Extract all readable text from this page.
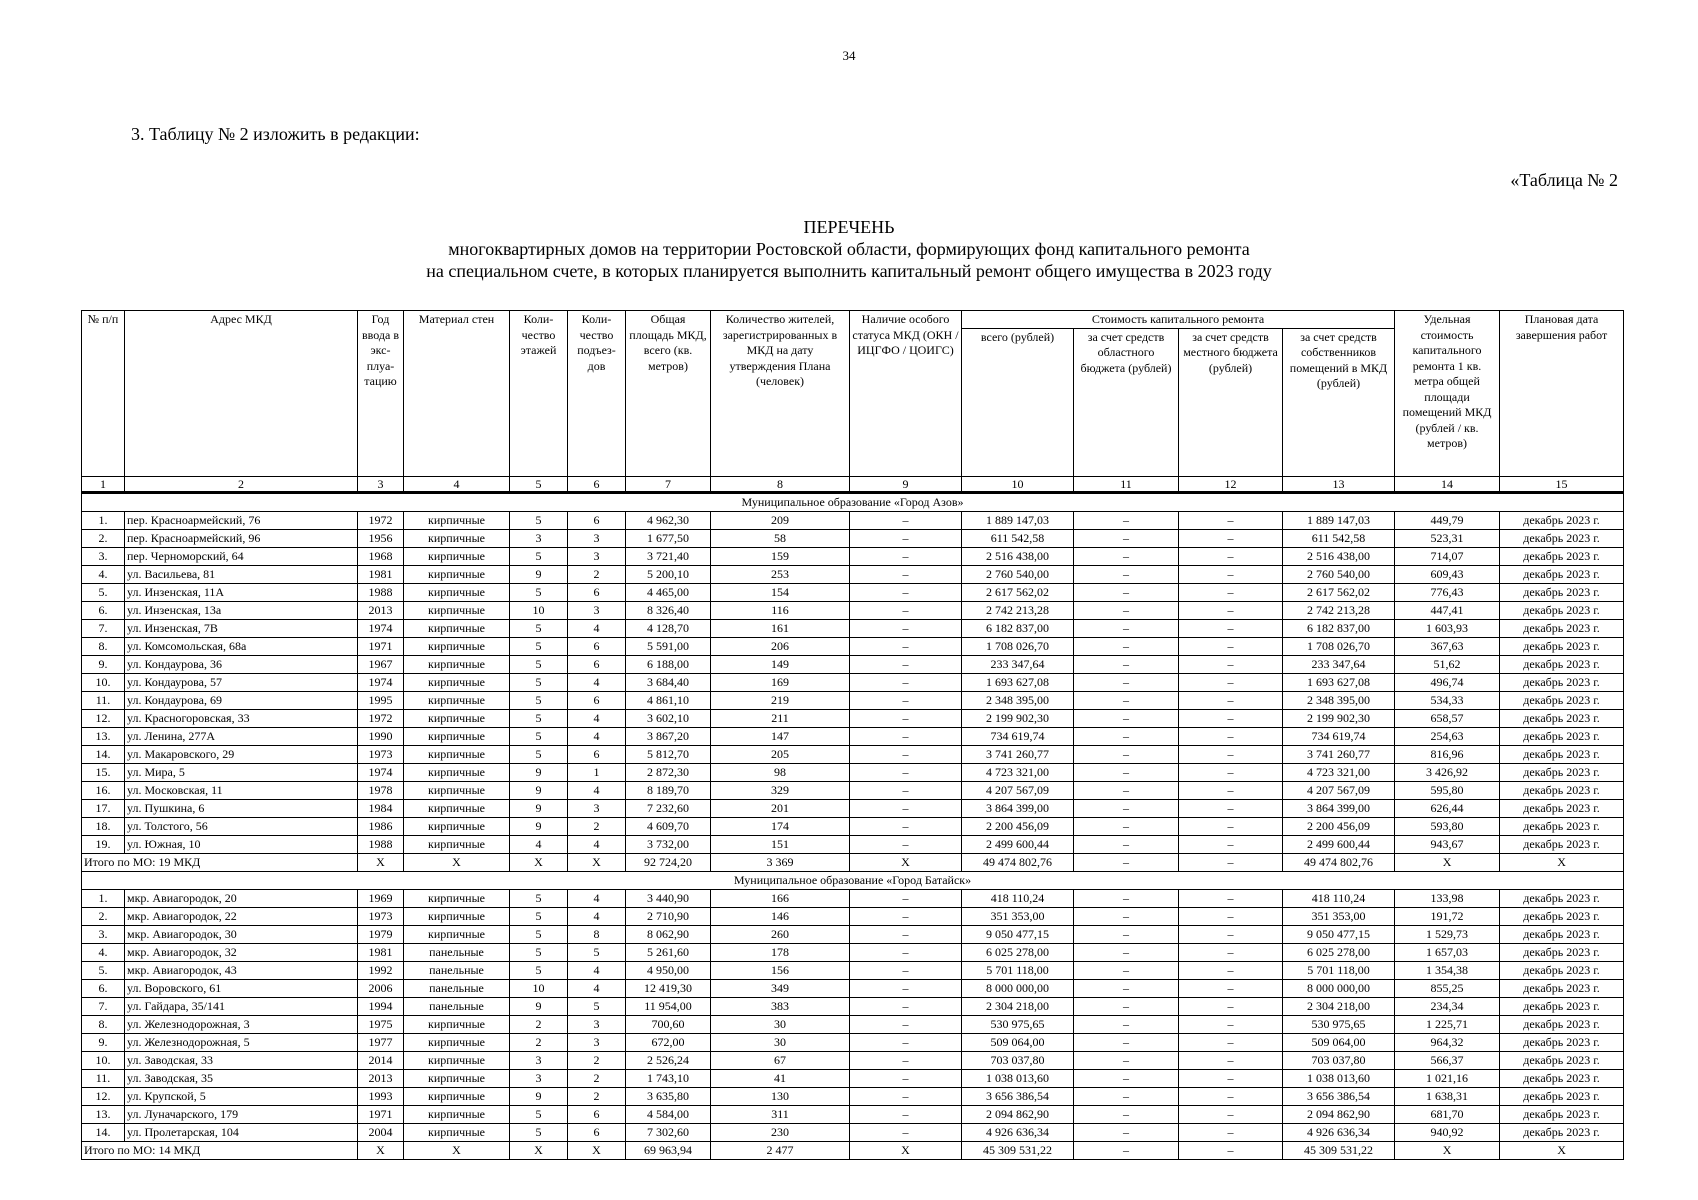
34
3. Таблицу № 2 изложить в редакции:
«Таблица № 2
ПЕРЕЧЕНЬ
многоквартирных домов на территории Ростовской области, формирующих фонд капитального ремонта
на специальном счете, в которых планируется выполнить капитальный ремонт общего имущества в 2023 году
№ п/п	Адрес МКД	Год ввода в экс-плуа-тацию	Материал стен	Коли-чество этажей	Коли-чество подъез-дов	Общая площадь МКД, всего (кв. метров)	Количество жителей, зарегистрированных в МКД на дату утверждения Плана (человек)	Наличие особого статуса МКД (ОКН / ИЦГФО / ЦОИГС)	Стоимость капитального ремонта				Удельная стоимость капитального ремонта 1 кв. метра общей площади помещений МКД (рублей / кв. метров)	Плановая дата завершения работ
									всего (рублей)	за счет средств областного бюджета (рублей)	за счет средств местного бюджета (рублей)	за счет средств собственников помещений в МКД (рублей)		
1	2	3	4	5	6	7	8	9	10	11	12	13	14	15
Муниципальное образование «Город Азов»														
1.	пер. Красноармейский, 76	1972	кирпичные	5	6	4 962,30	209	–	1 889 147,03	–	–	1 889 147,03	449,79	декабрь 2023 г.
2.	пер. Красноармейский, 96	1956	кирпичные	3	3	1 677,50	58	–	611 542,58	–	–	611 542,58	523,31	декабрь 2023 г.
3.	пер. Черноморский, 64	1968	кирпичные	5	3	3 721,40	159	–	2 516 438,00	–	–	2 516 438,00	714,07	декабрь 2023 г.
4.	ул. Васильева, 81	1981	кирпичные	9	2	5 200,10	253	–	2 760 540,00	–	–	2 760 540,00	609,43	декабрь 2023 г.
5.	ул. Инзенская, 11А	1988	кирпичные	5	6	4 465,00	154	–	2 617 562,02	–	–	2 617 562,02	776,43	декабрь 2023 г.
6.	ул. Инзенская, 13а	2013	кирпичные	10	3	8 326,40	116	–	2 742 213,28	–	–	2 742 213,28	447,41	декабрь 2023 г.
7.	ул. Инзенская, 7В	1974	кирпичные	5	4	4 128,70	161	–	6 182 837,00	–	–	6 182 837,00	1 603,93	декабрь 2023 г.
8.	ул. Комсомольская, 68а	1971	кирпичные	5	6	5 591,00	206	–	1 708 026,70	–	–	1 708 026,70	367,63	декабрь 2023 г.
9.	ул. Кондаурова, 36	1967	кирпичные	5	6	6 188,00	149	–	233 347,64	–	–	233 347,64	51,62	декабрь 2023 г.
10.	ул. Кондаурова, 57	1974	кирпичные	5	4	3 684,40	169	–	1 693 627,08	–	–	1 693 627,08	496,74	декабрь 2023 г.
11.	ул. Кондаурова, 69	1995	кирпичные	5	6	4 861,10	219	–	2 348 395,00	–	–	2 348 395,00	534,33	декабрь 2023 г.
12.	ул. Красногоровская, 33	1972	кирпичные	5	4	3 602,10	211	–	2 199 902,30	–	–	2 199 902,30	658,57	декабрь 2023 г.
13.	ул. Ленина, 277А	1990	кирпичные	5	4	3 867,20	147	–	734 619,74	–	–	734 619,74	254,63	декабрь 2023 г.
14.	ул. Макаровского, 29	1973	кирпичные	5	6	5 812,70	205	–	3 741 260,77	–	–	3 741 260,77	816,96	декабрь 2023 г.
15.	ул. Мира, 5	1974	кирпичные	9	1	2 872,30	98	–	4 723 321,00	–	–	4 723 321,00	3 426,92	декабрь 2023 г.
16.	ул. Московская, 11	1978	кирпичные	9	4	8 189,70	329	–	4 207 567,09	–	–	4 207 567,09	595,80	декабрь 2023 г.
17.	ул. Пушкина, 6	1984	кирпичные	9	3	7 232,60	201	–	3 864 399,00	–	–	3 864 399,00	626,44	декабрь 2023 г.
18.	ул. Толстого, 56	1986	кирпичные	9	2	4 609,70	174	–	2 200 456,09	–	–	2 200 456,09	593,80	декабрь 2023 г.
19.	ул. Южная, 10	1988	кирпичные	4	4	3 732,00	151	–	2 499 600,44	–	–	2 499 600,44	943,67	декабрь 2023 г.
Итого по МО: 19 МКД		X	X	X	X	92 724,20	3 369	X	49 474 802,76	–	–	49 474 802,76	X	X
Муниципальное образование «Город Батайск»														
1.	мкр. Авиагородок, 20	1969	кирпичные	5	4	3 440,90	166	–	418 110,24	–	–	418 110,24	133,98	декабрь 2023 г.
2.	мкр. Авиагородок, 22	1973	кирпичные	5	4	2 710,90	146	–	351 353,00	–	–	351 353,00	191,72	декабрь 2023 г.
3.	мкр. Авиагородок, 30	1979	кирпичные	5	8	8 062,90	260	–	9 050 477,15	–	–	9 050 477,15	1 529,73	декабрь 2023 г.
4.	мкр. Авиагородок, 32	1981	панельные	5	5	5 261,60	178	–	6 025 278,00	–	–	6 025 278,00	1 657,03	декабрь 2023 г.
5.	мкр. Авиагородок, 43	1992	панельные	5	4	4 950,00	156	–	5 701 118,00	–	–	5 701 118,00	1 354,38	декабрь 2023 г.
6.	ул. Воровского, 61	2006	панельные	10	4	12 419,30	349	–	8 000 000,00	–	–	8 000 000,00	855,25	декабрь 2023 г.
7.	ул. Гайдара, 35/141	1994	панельные	9	5	11 954,00	383	–	2 304 218,00	–	–	2 304 218,00	234,34	декабрь 2023 г.
8.	ул. Железнодорожная, 3	1975	кирпичные	2	3	700,60	30	–	530 975,65	–	–	530 975,65	1 225,71	декабрь 2023 г.
9.	ул. Железнодорожная, 5	1977	кирпичные	2	3	672,00	30	–	509 064,00	–	–	509 064,00	964,32	декабрь 2023 г.
10.	ул. Заводская, 33	2014	кирпичные	3	2	2 526,24	67	–	703 037,80	–	–	703 037,80	566,37	декабрь 2023 г.
11.	ул. Заводская, 35	2013	кирпичные	3	2	1 743,10	41	–	1 038 013,60	–	–	1 038 013,60	1 021,16	декабрь 2023 г.
12.	ул. Крупской, 5	1993	кирпичные	9	2	3 635,80	130	–	3 656 386,54	–	–	3 656 386,54	1 638,31	декабрь 2023 г.
13.	ул. Луначарского, 179	1971	кирпичные	5	6	4 584,00	311	–	2 094 862,90	–	–	2 094 862,90	681,70	декабрь 2023 г.
14.	ул. Пролетарская, 104	2004	кирпичные	5	6	7 302,60	230	–	4 926 636,34	–	–	4 926 636,34	940,92	декабрь 2023 г.
Итого по МО: 14 МКД		X	X	X	X	69 963,94	2 477	X	45 309 531,22	–	–	45 309 531,22	X	X
